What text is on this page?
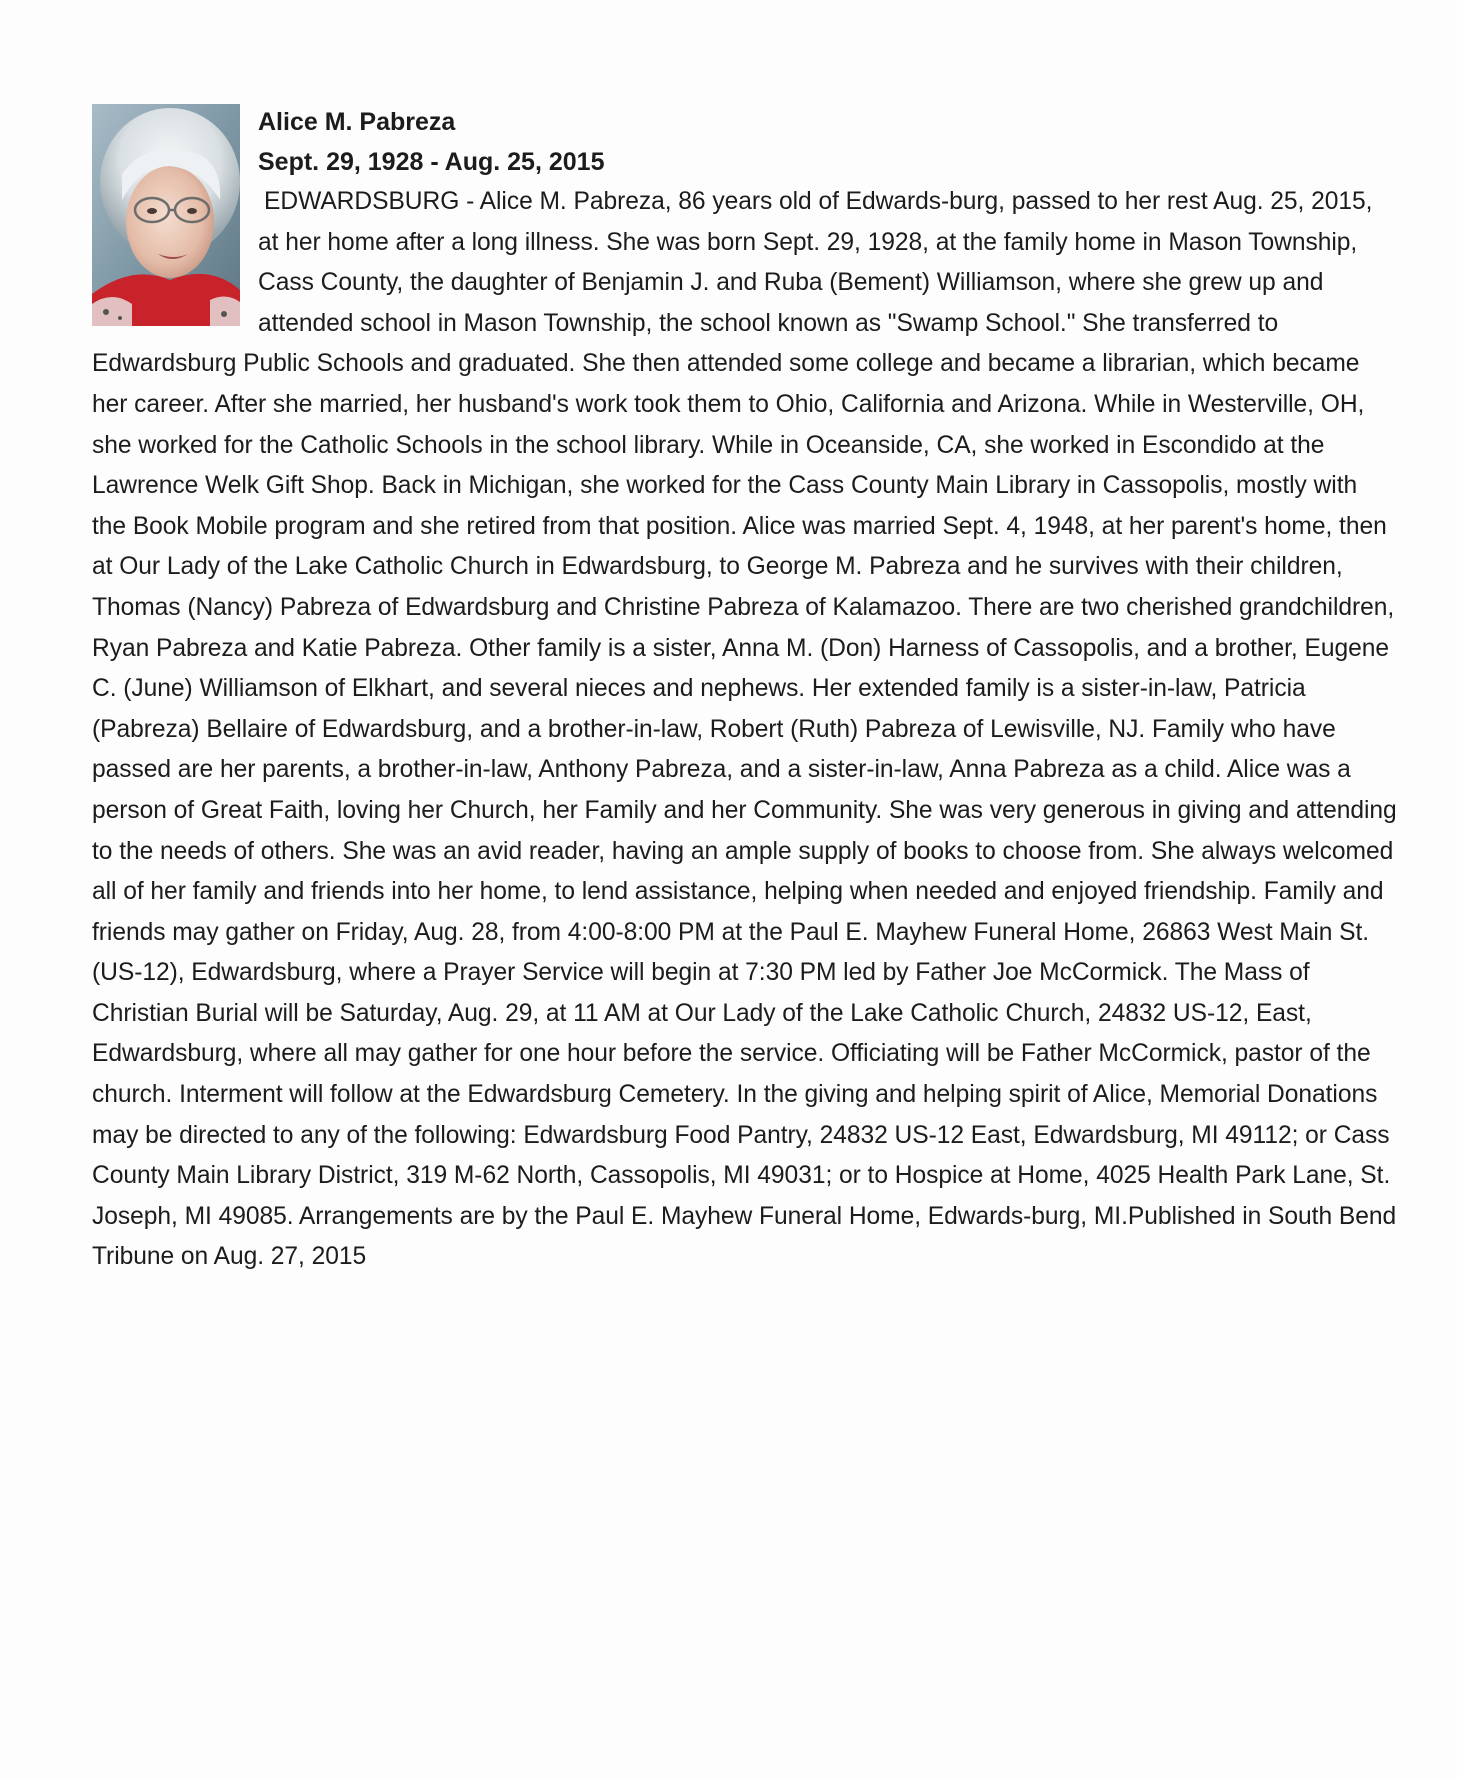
Alice M. Pabreza

Sept. 29, 1928 - Aug. 25, 2015

EDWARDSBURG - Alice M. Pabreza, 86 years old of Edwards-burg, passed to her rest Aug. 25, 2015, at her home after a long illness. She was born Sept. 29, 1928, at the family home in Mason Township, Cass County, the daughter of Benjamin J. and Ruba (Bement) Williamson, where she grew up and attended school in Mason Township, the school known as "Swamp School." She transferred to Edwardsburg Public Schools and graduated. She then attended some college and became a librarian, which became her career. After she married, her husband's work took them to Ohio, California and Arizona. While in Westerville, OH, she worked for the Catholic Schools in the school library. While in Oceanside, CA, she worked in Escondido at the Lawrence Welk Gift Shop. Back in Michigan, she worked for the Cass County Main Library in Cassopolis, mostly with the Book Mobile program and she retired from that position. Alice was married Sept. 4, 1948, at her parent's home, then at Our Lady of the Lake Catholic Church in Edwardsburg, to George M. Pabreza and he survives with their children, Thomas (Nancy) Pabreza of Edwardsburg and Christine Pabreza of Kalamazoo. There are two cherished grandchildren, Ryan Pabreza and Katie Pabreza. Other family is a sister, Anna M. (Don) Harness of Cassopolis, and a brother, Eugene C. (June) Williamson of Elkhart, and several nieces and nephews. Her extended family is a sister-in-law, Patricia (Pabreza) Bellaire of Edwardsburg, and a brother-in-law, Robert (Ruth) Pabreza of Lewisville, NJ. Family who have passed are her parents, a brother-in-law, Anthony Pabreza, and a sister-in-law, Anna Pabreza as a child. Alice was a person of Great Faith, loving her Church, her Family and her Community. She was very generous in giving and attending to the needs of others. She was an avid reader, having an ample supply of books to choose from. She always welcomed all of her family and friends into her home, to lend assistance, helping when needed and enjoyed friendship. Family and friends may gather on Friday, Aug. 28, from 4:00-8:00 PM at the Paul E. Mayhew Funeral Home, 26863 West Main St. (US-12), Edwardsburg, where a Prayer Service will begin at 7:30 PM led by Father Joe McCormick. The Mass of Christian Burial will be Saturday, Aug. 29, at 11 AM at Our Lady of the Lake Catholic Church, 24832 US-12, East, Edwardsburg, where all may gather for one hour before the service. Officiating will be Father McCormick, pastor of the church. Interment will follow at the Edwardsburg Cemetery. In the giving and helping spirit of Alice, Memorial Donations may be directed to any of the following: Edwardsburg Food Pantry, 24832 US-12 East, Edwardsburg, MI 49112; or Cass County Main Library District, 319 M-62 North, Cassopolis, MI 49031; or to Hospice at Home, 4025 Health Park Lane, St. Joseph, MI 49085. Arrangements are by the Paul E. Mayhew Funeral Home, Edwards-burg, MI.Published in South Bend Tribune on Aug. 27, 2015
